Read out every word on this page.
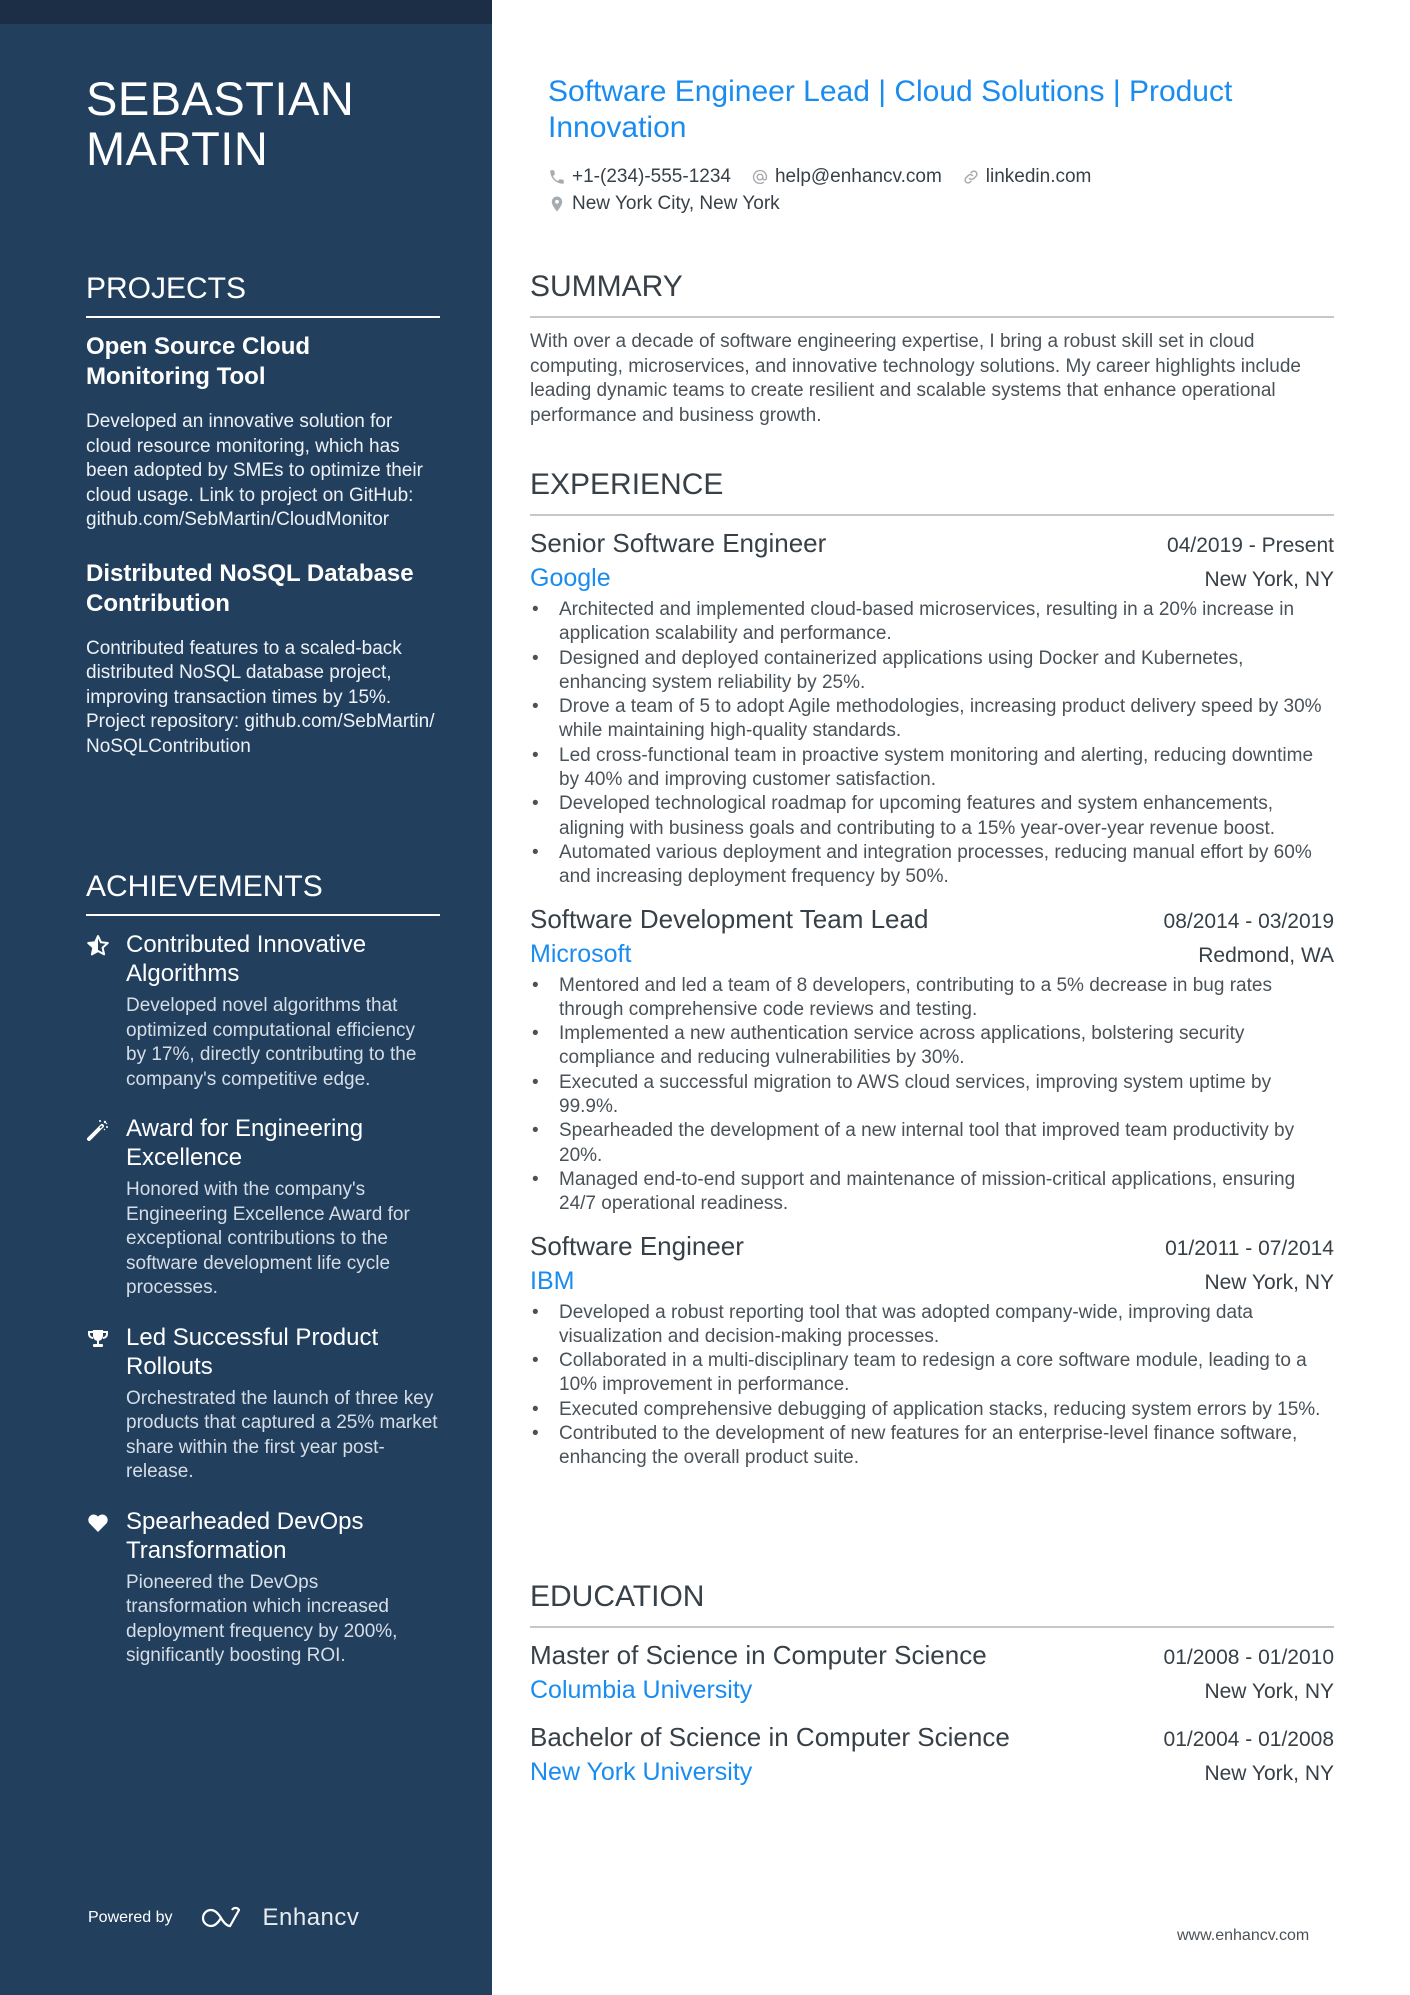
SEBASTIAN
MARTIN
PROJECTS
Open Source Cloud Monitoring Tool
Developed an innovative solution for cloud resource monitoring, which has been adopted by SMEs to optimize their cloud usage. Link to project on GitHub: github.com/SebMartin/CloudMonitor
Distributed NoSQL Database Contribution
Contributed features to a scaled-back distributed NoSQL database project, improving transaction times by 15%. Project repository: github.com/SebMartin/NoSQLContribution
ACHIEVEMENTS
Contributed Innovative Algorithms
Developed novel algorithms that optimized computational efficiency by 17%, directly contributing to the company's competitive edge.
Award for Engineering Excellence
Honored with the company's Engineering Excellence Award for exceptional contributions to the software development life cycle processes.
Led Successful Product Rollouts
Orchestrated the launch of three key products that captured a 25% market share within the first year post-release.
Spearheaded DevOps Transformation
Pioneered the DevOps transformation which increased deployment frequency by 200%, significantly boosting ROI.
Powered by	Enhancv
Software Engineer Lead | Cloud Solutions | Product Innovation
+1-(234)-555-1234 help@enhancv.com linkedin.com
New York City, New York
SUMMARY
With over a decade of software engineering expertise, I bring a robust skill set in cloud computing, microservices, and innovative technology solutions. My career highlights include leading dynamic teams to create resilient and scalable systems that enhance operational performance and business growth.
EXPERIENCE
Senior Software Engineer	04/2019 - Present
Google	New York, NY
• Architected and implemented cloud-based microservices, resulting in a 20% increase in application scalability and performance.
• Designed and deployed containerized applications using Docker and Kubernetes, enhancing system reliability by 25%.
• Drove a team of 5 to adopt Agile methodologies, increasing product delivery speed by 30% while maintaining high-quality standards.
• Led cross-functional team in proactive system monitoring and alerting, reducing downtime by 40% and improving customer satisfaction.
• Developed technological roadmap for upcoming features and system enhancements, aligning with business goals and contributing to a 15% year-over-year revenue boost.
• Automated various deployment and integration processes, reducing manual effort by 60% and increasing deployment frequency by 50%.
Software Development Team Lead	08/2014 - 03/2019
Microsoft	Redmond, WA
• Mentored and led a team of 8 developers, contributing to a 5% decrease in bug rates through comprehensive code reviews and testing.
• Implemented a new authentication service across applications, bolstering security compliance and reducing vulnerabilities by 30%.
• Executed a successful migration to AWS cloud services, improving system uptime by 99.9%.
• Spearheaded the development of a new internal tool that improved team productivity by 20%.
• Managed end-to-end support and maintenance of mission-critical applications, ensuring 24/7 operational readiness.
Software Engineer	01/2011 - 07/2014
IBM	New York, NY
• Developed a robust reporting tool that was adopted company-wide, improving data visualization and decision-making processes.
• Collaborated in a multi-disciplinary team to redesign a core software module, leading to a 10% improvement in performance.
• Executed comprehensive debugging of application stacks, reducing system errors by 15%.
• Contributed to the development of new features for an enterprise-level finance software, enhancing the overall product suite.
EDUCATION
Master of Science in Computer Science	01/2008 - 01/2010
Columbia University	New York, NY
Bachelor of Science in Computer Science	01/2004 - 01/2008
New York University	New York, NY
www.enhancv.com
